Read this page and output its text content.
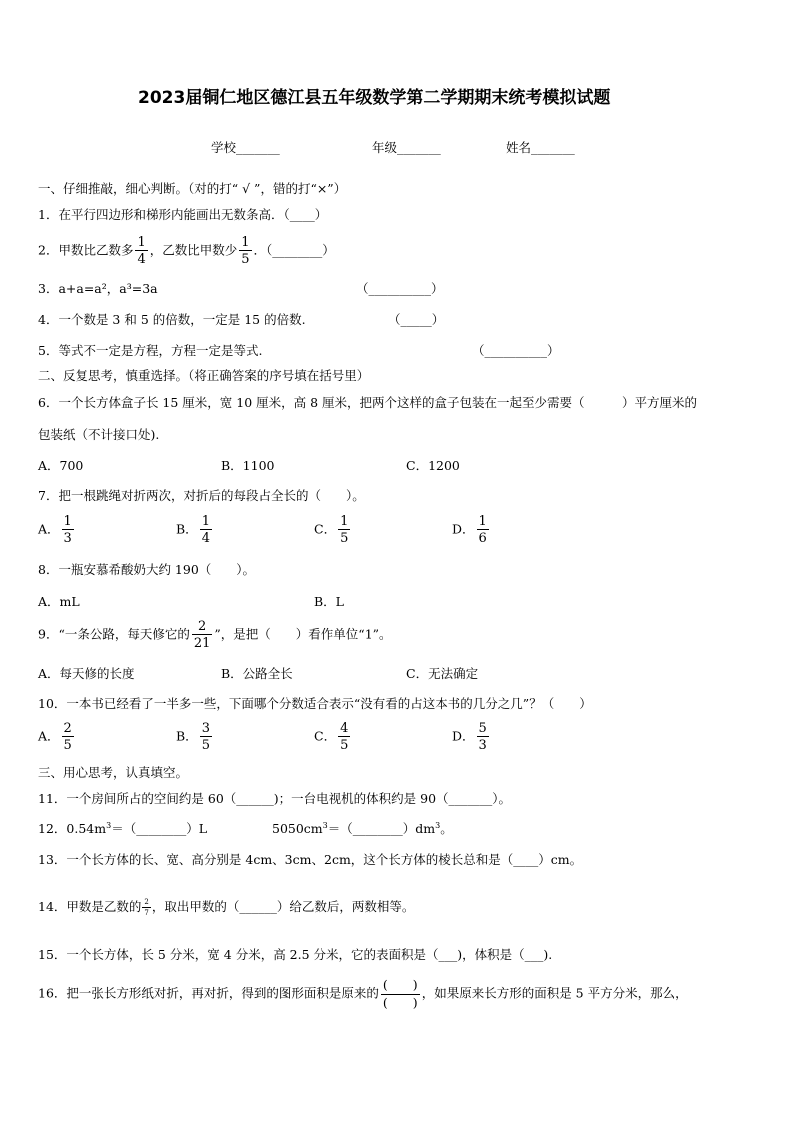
2023届铜仁地区德江县五年级数学第二学期期末统考模拟试题
学校_______	年级_______	姓名_______
一、仔细推敲，细心判断。（对的打“ √ ”，错的打“×”）
1．在平行四边形和梯形内能画出无数条高．（____）
2．甲数比乙数多 $\frac{1}{4}$ ，乙数比甲数少 $\frac{1}{5}$ ．（________）
3．a+a=a²，a³=3a	（__________）
4．一个数是 3 和 5 的倍数，一定是 15 的倍数.	（_____）
5．等式不一定是方程，方程一定是等式.	（__________）
二、反复思考，慎重选择。（将正确答案的序号填在括号里）
6．一个长方体盒子长 15 厘米，宽 10 厘米，高 8 厘米，把两个这样的盒子包装在一起至少需要（　　　）平方厘米的
包装纸（不计接口处).
A．700	B．1100	C．1200
7．把一根跳绳对折两次，对折后的每段占全长的（　　）。
A． $\frac{1}{3}$	B． $\frac{1}{4}$	C． $\frac{1}{5}$	D． $\frac{1}{6}$
8．一瓶安慕希酸奶大约 190（　　）。
A．mL	B．L
9．“一条公路，每天修它的 $\frac{2}{21}$ ”，是把（　　）看作单位“1”。
A．每天修的长度	B．公路全长	C．无法确定
10．一本书已经看了一半多一些，下面哪个分数适合表示“没有看的占这本书的几分之几”？（　　）
A． $\frac{2}{5}$	B． $\frac{3}{5}$	C． $\frac{4}{5}$	D． $\frac{5}{3}$
三、用心思考，认真填空。
11．一个房间所占的空间约是 60（______)；一台电视机的体积约是 90（_______）。
12．$0.54m^3=(\_\_\_\_\_\_\_\_)L$	$5050cm^3=(\_\_\_\_\_\_\_\_)dm^3$。
13．一个长方体的长、宽、高分别是 4cm、3cm、2cm，这个长方体的棱长总和是（____）cm。
14．甲数是乙数的 $\frac{2}{7}$ ，取出甲数的（______）给乙数后，两数相等。
15．一个长方体，长 5 分米，宽 4 分米，高 2.5 分米，它的表面积是（___)，体积是（___).
16．把一张长方形纸对折，再对折，得到的图形面积是原来的 $\frac{( )}{( )}$ ，如果原来长方形的面积是 5 平方分米，那么，
